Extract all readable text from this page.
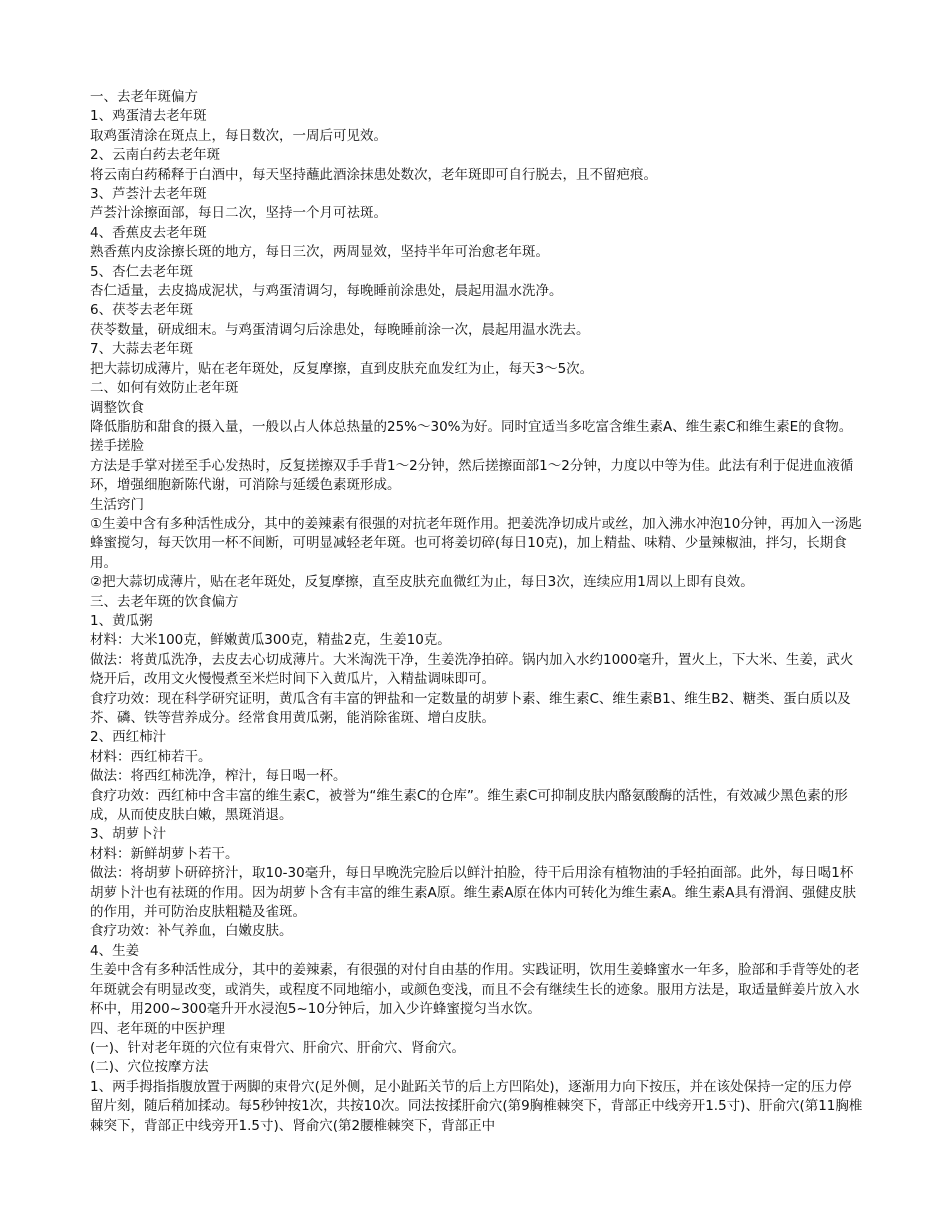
一、去老年斑偏方

1、鸡蛋清去老年斑

取鸡蛋清涂在斑点上，每日数次，一周后可见效。

2、云南白药去老年斑

将云南白药稀释于白酒中，每天坚持蘸此酒涂抹患处数次，老年斑即可自行脱去，且不留疤痕。

3、芦荟汁去老年斑

芦荟汁涂擦面部，每日二次，坚持一个月可祛斑。

4、香蕉皮去老年斑

熟香蕉内皮涂擦长斑的地方，每日三次，两周显效，坚持半年可治愈老年斑。

5、杏仁去老年斑

杏仁适量，去皮捣成泥状，与鸡蛋清调匀，每晚睡前涂患处，晨起用温水洗净。

6、茯苓去老年斑

茯苓数量，研成细末。与鸡蛋清调匀后涂患处，每晚睡前涂一次，晨起用温水洗去。

7、大蒜去老年斑

把大蒜切成薄片，贴在老年斑处，反复摩擦，直到皮肤充血发红为止，每天3～5次。

二、如何有效防止老年斑

调整饮食

降低脂肪和甜食的摄入量，一般以占人体总热量的25%～30%为好。同时宜适当多吃富含维生素A、维生素C和维生素E的食物。

搓手搓脸

方法是手掌对搓至手心发热时，反复搓擦双手手背1～2分钟，然后搓擦面部1～2分钟，力度以中等为佳。此法有利于促进血液循环，增强细胞新陈代谢，可消除与延缓色素斑形成。

生活窍门

①生姜中含有多种活性成分，其中的姜辣素有很强的对抗老年斑作用。把姜洗净切成片或丝，加入沸水冲泡10分钟，再加入一汤匙蜂蜜搅匀，每天饮用一杯不间断，可明显减轻老年斑。也可将姜切碎(每日10克)，加上精盐、味精、少量辣椒油，拌匀，长期食用。

②把大蒜切成薄片，贴在老年斑处，反复摩擦，直至皮肤充血微红为止，每日3次，连续应用1周以上即有良效。

三、去老年斑的饮食偏方

1、黄瓜粥

材料：大米100克，鲜嫩黄瓜300克，精盐2克，生姜10克。

做法：将黄瓜洗净，去皮去心切成薄片。大米淘洗干净，生姜洗净拍碎。锅内加入水约1000毫升，置火上，下大米、生姜，武火烧开后，改用文火慢慢煮至米烂时间下入黄瓜片，入精盐调味即可。

食疗功效：现在科学研究证明，黄瓜含有丰富的钾盐和一定数量的胡萝卜素、维生素C、维生素B1、维生B2、糖类、蛋白质以及芥、磷、铁等营养成分。经常食用黄瓜粥，能消除雀斑、增白皮肤。

2、西红柿汁

材料：西红柿若干。

做法：将西红柿洗净，榨汁，每日喝一杯。

食疗功效：西红柿中含丰富的维生素C，被誉为“维生素C的仓库”。维生素C可抑制皮肤内酪氨酸酶的活性，有效减少黑色素的形成，从而使皮肤白嫩，黑斑消退。

3、胡萝卜汁

材料：新鲜胡萝卜若干。

做法：将胡萝卜研碎挤汁，取10-30毫升，每日早晚洗完脸后以鲜汁拍脸，待干后用涂有植物油的手轻拍面部。此外，每日喝1杯胡萝卜汁也有祛斑的作用。因为胡萝卜含有丰富的维生素A原。维生素A原在体内可转化为维生素A。维生素A具有滑润、强健皮肤的作用，并可防治皮肤粗糙及雀斑。

食疗功效：补气养血，白嫩皮肤。

4、生姜

生姜中含有多种活性成分，其中的姜辣素，有很强的对付自由基的作用。实践证明，饮用生姜蜂蜜水一年多，脸部和手背等处的老年斑就会有明显改变，或消失，或程度不同地缩小，或颜色变浅，而且不会有继续生长的迹象。服用方法是，取适量鲜姜片放入水杯中，用200~300毫升开水浸泡5~10分钟后，加入少许蜂蜜搅匀当水饮。

四、老年斑的中医护理

(一)、针对老年斑的穴位有束骨穴、肝俞穴、肝俞穴、肾俞穴。

(二)、穴位按摩方法

1、两手拇指指腹放置于两脚的束骨穴(足外侧，足小趾跖关节的后上方凹陷处)，逐渐用力向下按压，并在该处保持一定的压力停留片刻，随后稍加揉动。每5秒钟按1次，共按10次。同法按揉肝俞穴(第9胸椎棘突下，背部正中线旁开1.5寸)、肝俞穴(第11胸椎棘突下，背部正中线旁开1.5寸)、肾俞穴(第2腰椎棘突下，背部正中
